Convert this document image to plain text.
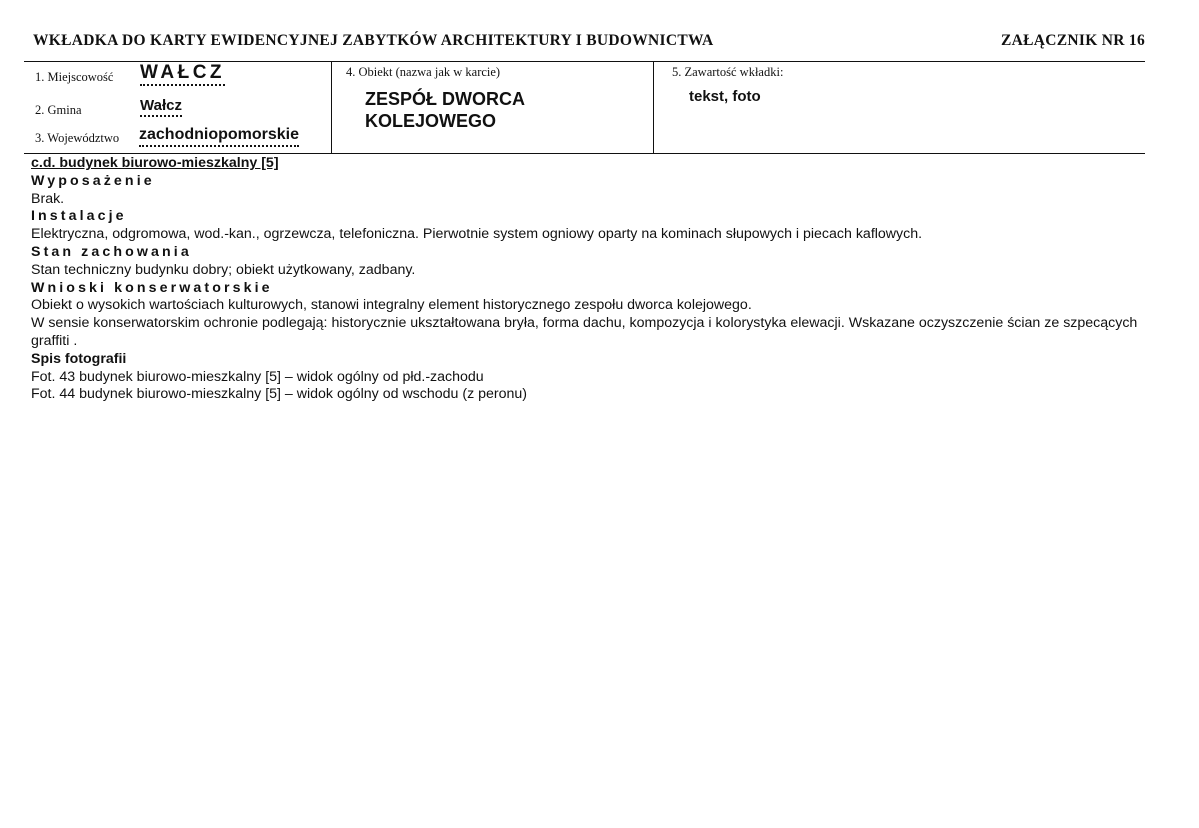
WKŁADKA DO KARTY EWIDENCYJNEJ ZABYTKÓW ARCHITEKTURY I BUDOWNICTWA	ZAŁĄCZNIK NR 16
1. Miejscowość WAŁCZ
2. Gmina	Wałcz
3. Województwo zachodniopomorskie
4. Obiekt (nazwa jak w karcie)
ZESPÓŁ DWORCA
KOLEJOWEGO
5. Zawartość wkładki:
tekst, foto
c.d. budynek biurowo-mieszkalny [5]
Wyposażenie
Brak.
Instalacje
Elektryczna, odgromowa, wod.-kan., ogrzewcza, telefoniczna. Pierwotnie system ogniowy oparty na kominach słupowych i piecach kaflowych.
Stan zachowania
Stan techniczny budynku dobry; obiekt użytkowany, zadbany.
Wnioski konserwatorskie
Obiekt o wysokich wartościach kulturowych, stanowi integralny element historycznego zespołu dworca kolejowego.
W sensie konserwatorskim ochronie podlegają: historycznie ukształtowana bryła, forma dachu, kompozycja i kolorystyka elewacji. Wskazane oczyszczenie ścian ze szpecących graffiti .
Spis fotografii
Fot. 43 budynek biurowo-mieszkalny [5] – widok ogólny od płd.-zachodu
Fot. 44 budynek biurowo-mieszkalny [5] – widok ogólny od wschodu (z peronu)
